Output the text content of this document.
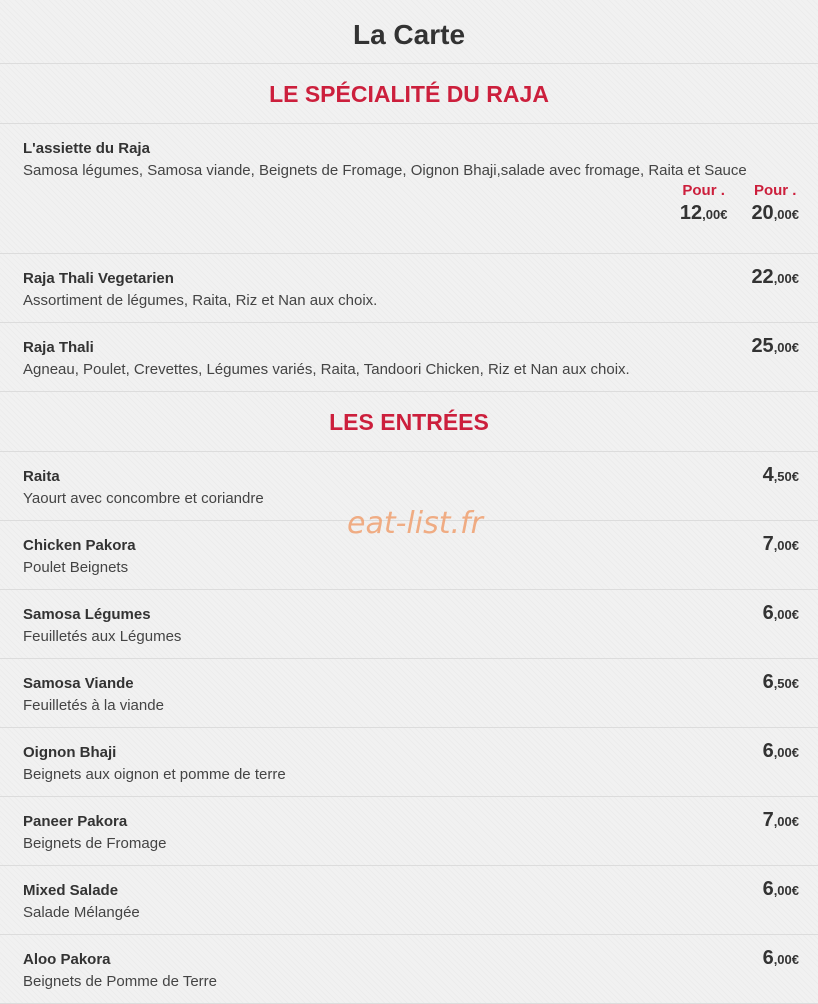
La Carte
LE SPÉCIALITÉ DU RAJA
L'assiette du Raja
Samosa légumes, Samosa viande, Beignets de Fromage, Oignon Bhaji,salade avec fromage, Raita et Sauce
Pour .
12,00€
Pour .
20,00€
Raja Thali Vegetarien
Assortiment de légumes, Raita, Riz et Nan aux choix.
22,00€
Raja Thali
Agneau, Poulet, Crevettes, Légumes variés, Raita, Tandoori Chicken, Riz et Nan aux choix.
25,00€
LES ENTRÉES
Raita
Yaourt avec concombre et coriandre
4,50€
Chicken Pakora
Poulet Beignets
7,00€
Samosa Légumes
Feuilletés aux Légumes
6,00€
Samosa Viande
Feuilletés à la viande
6,50€
Oignon Bhaji
Beignets aux oignon et pomme de terre
6,00€
Paneer Pakora
Beignets de Fromage
7,00€
Mixed Salade
Salade Mélangée
6,00€
Aloo Pakora
Beignets de Pomme de Terre
6,00€
eat-list.fr
